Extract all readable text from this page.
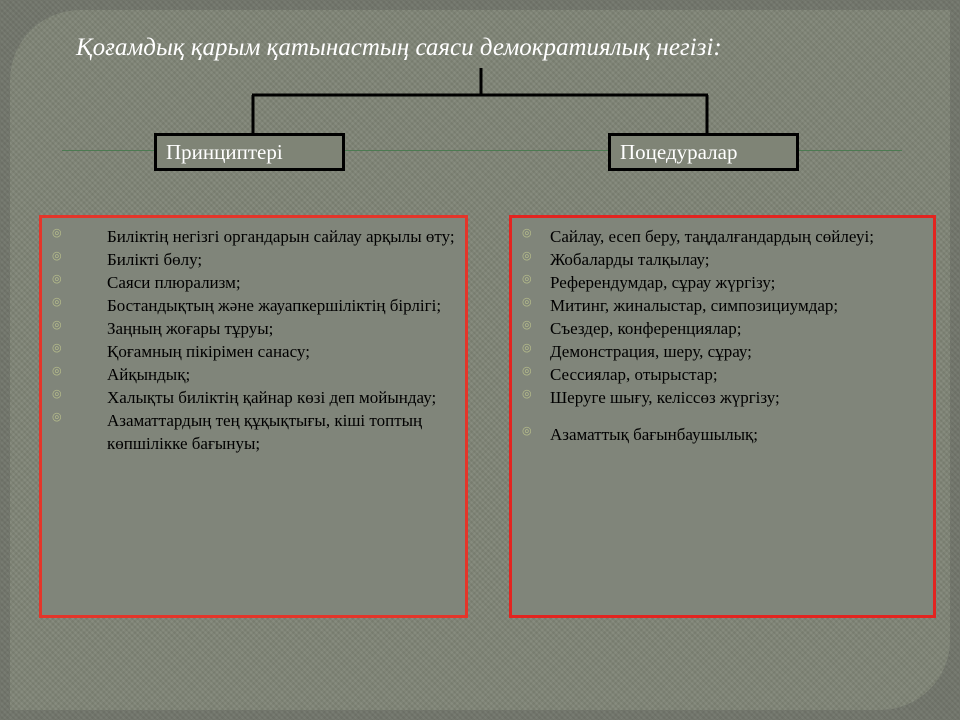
Қоғамдық қарым қатынастың саяси демократиялық негізі:
Принциптері	Поцедуралар
◎	Биліктің негізгі органдарын сайлау арқылы өту;
◎	Билікті бөлу;
◎	Саяси плюрализм;
◎	Бостандықтың және жауапкершіліктің бірлігі;
◎	Заңның жоғары тұруы;
◎	Қоғамның пікірімен санасу;
◎	Айқындық;
◎	Халықты биліктің қайнар көзі деп мойындау;
◎	Азаматтардың тең құқықтығы, кіші топтың көпшілікке бағынуы;
◎ Сайлау, есеп беру, таңдалғандардың сөйлеуі;
◎ Жобаларды талқылау;
◎ Референдумдар, сұрау жүргізу;
◎ Митинг, жиналыстар, симпозициумдар;
◎ Съездер, конференциялар;
◎ Демонстрация, шеру, сұрау;
◎ Сессиялар, отырыстар;
◎ Шеруге шығу, келіссөз жүргізу;
◎ Азаматтық бағынбаушылық;
